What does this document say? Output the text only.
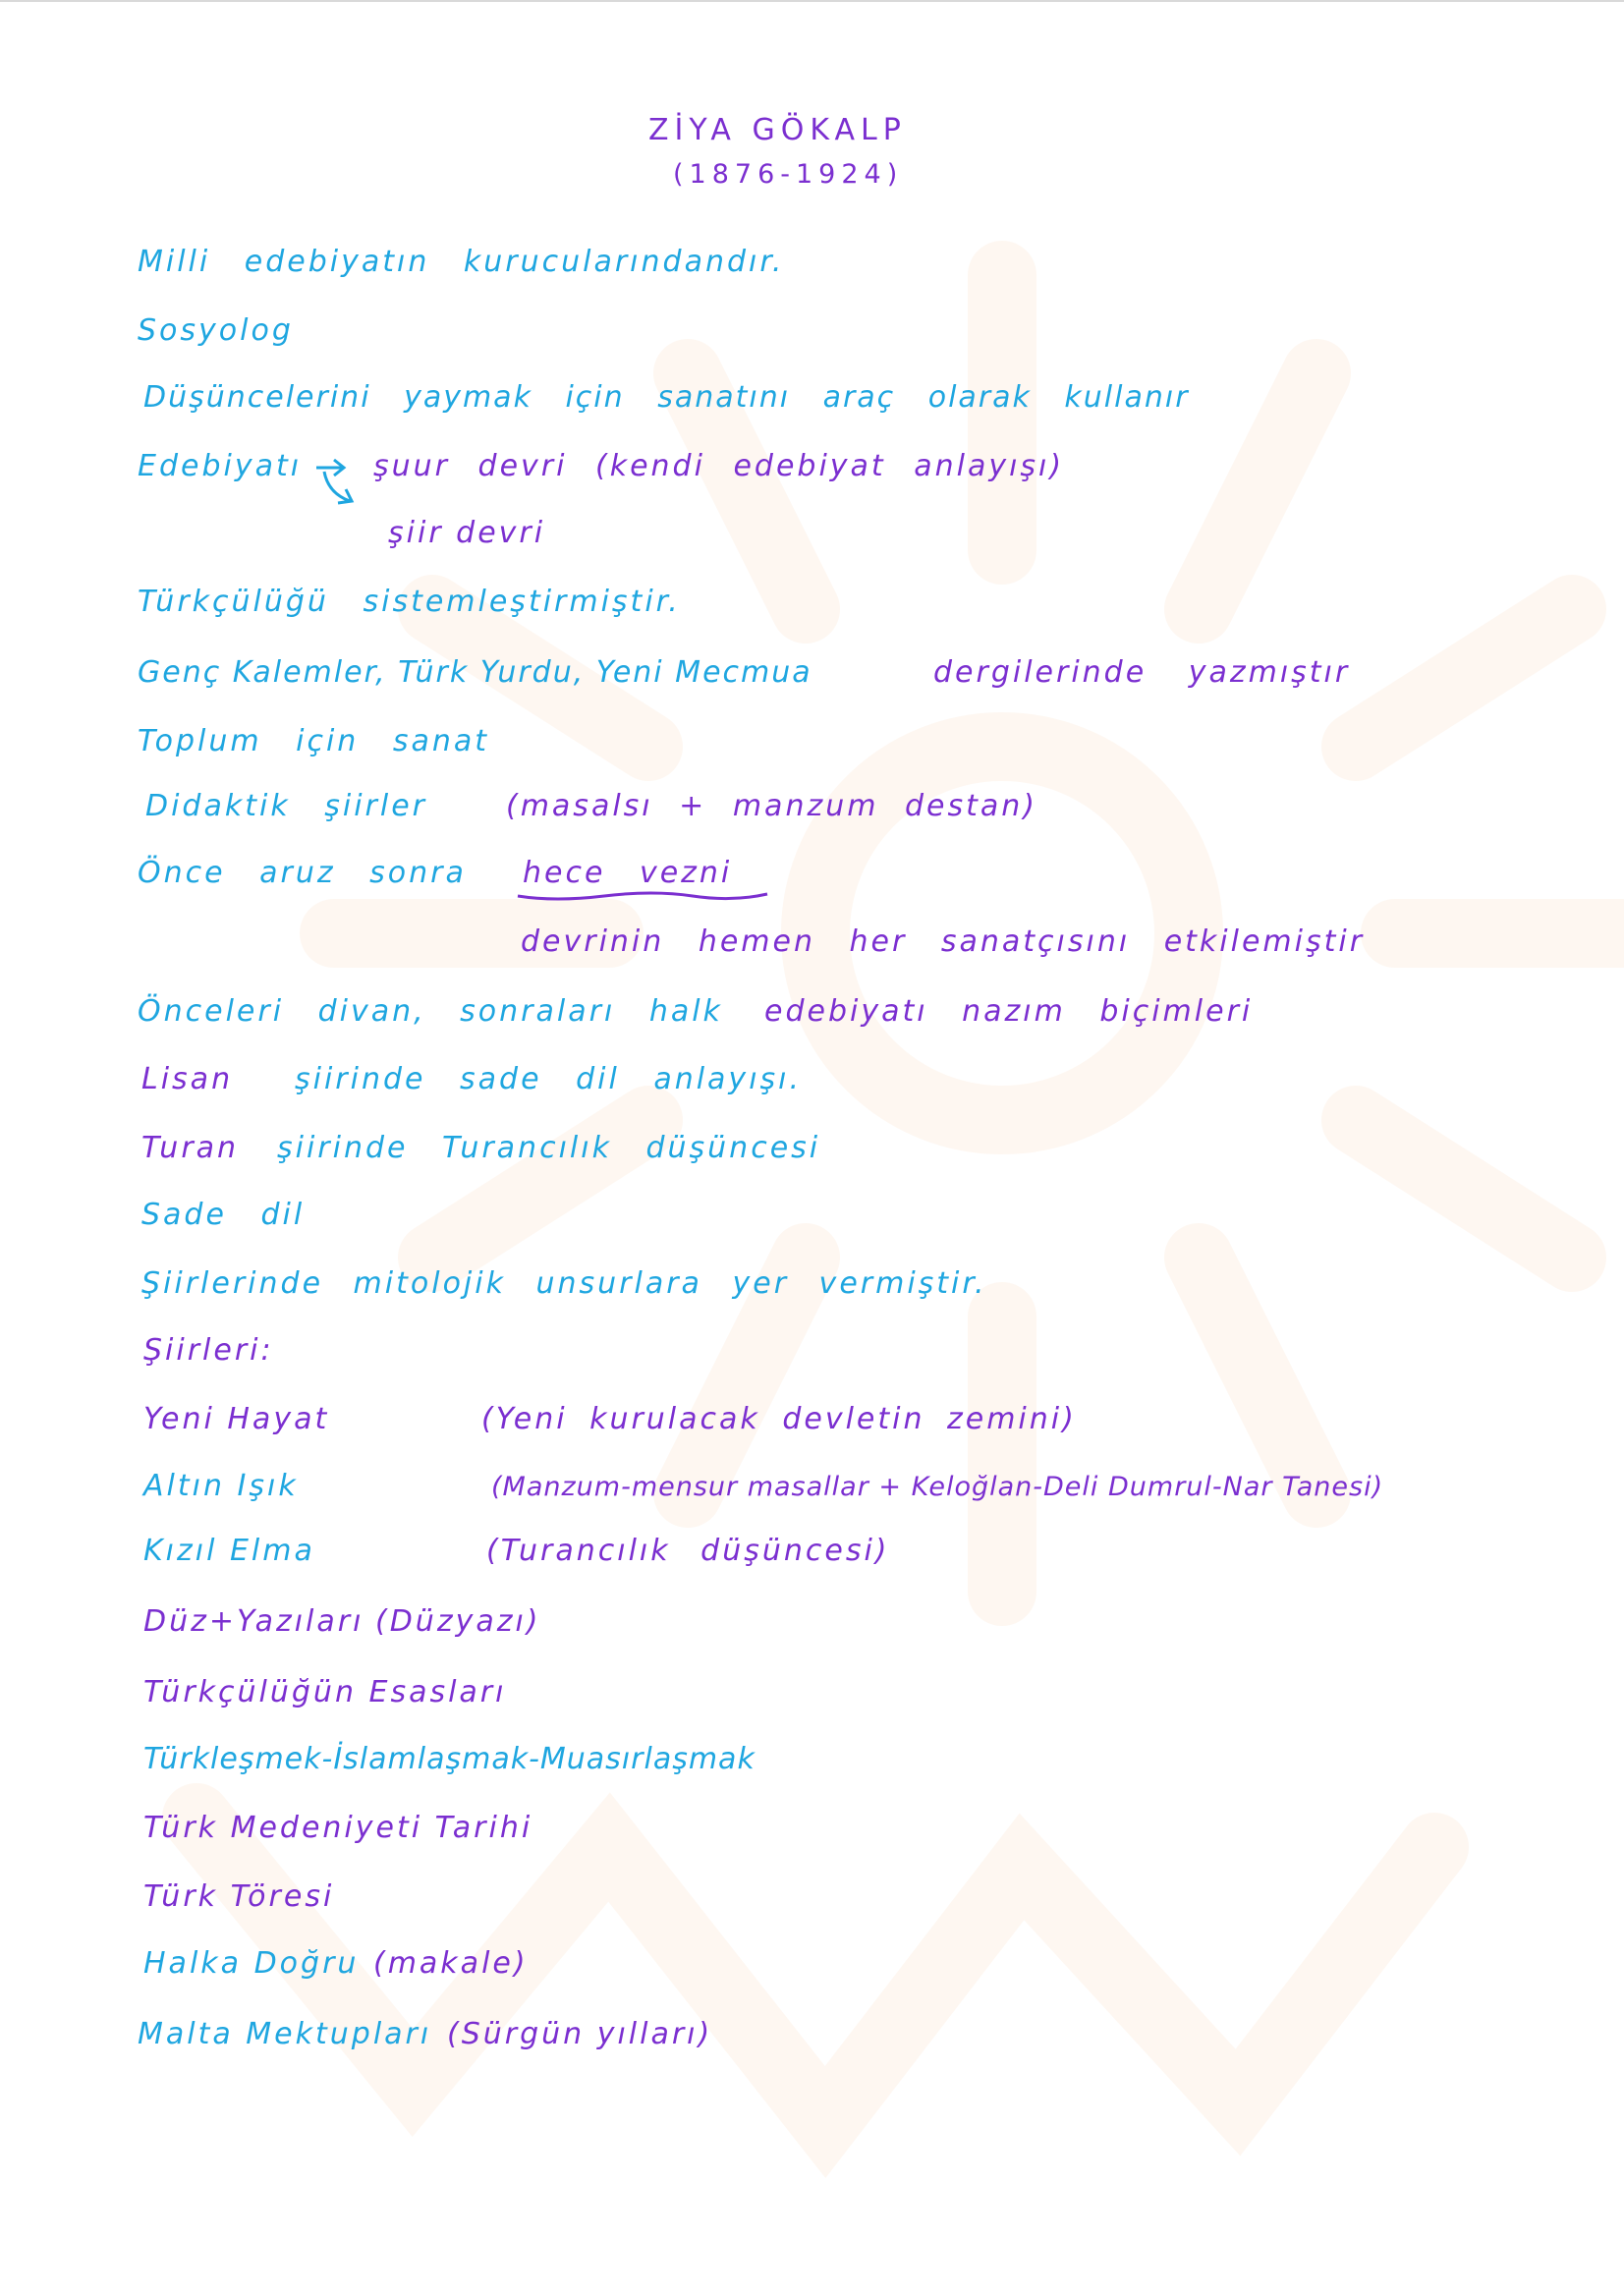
ZİYA GÖKALP
(1876-1924)
Milli edebiyatın kurucularındandır.
Sosyolog
Düşüncelerini yaymak için sanatını araç olarak kullanır
Edebiyatı şuur devri (kendi edebiyat anlayışı)
şiir devri
Türkçülüğü sistemleştirmiştir.
Genç Kalemler, Türk Yurdu, Yeni Mecmua	dergilerinde yazmıştır
Toplum için sanat
Didaktik şiirler	(masalsı + manzum destan)
Önce aruz sonra hece vezni
devrinin hemen her sanatçısını etkilemiştir
Önceleri divan, sonraları halk edebiyatı nazım biçimleri
Lisan şiirinde sade dil anlayışı.
Turan şiirinde Turancılık düşüncesi
Sade dil
Şiirlerinde mitolojik unsurlara yer vermiştir.
Şiirleri:
Yeni Hayat	(Yeni kurulacak devletin zemini)
Altın Işık	(Manzum-mensur masallar + Keloğlan-Deli Dumrul-Nar Tanesi)
Kızıl Elma	(Turancılık düşüncesi)
Düz+Yazıları (Düzyazı)
Türkçülüğün Esasları
Türkleşmek-İslamlaşmak-Muasırlaşmak
Türk Medeniyeti Tarihi
Türk Töresi
Halka Doğru (makale)
Malta Mektupları (Sürgün yılları)
